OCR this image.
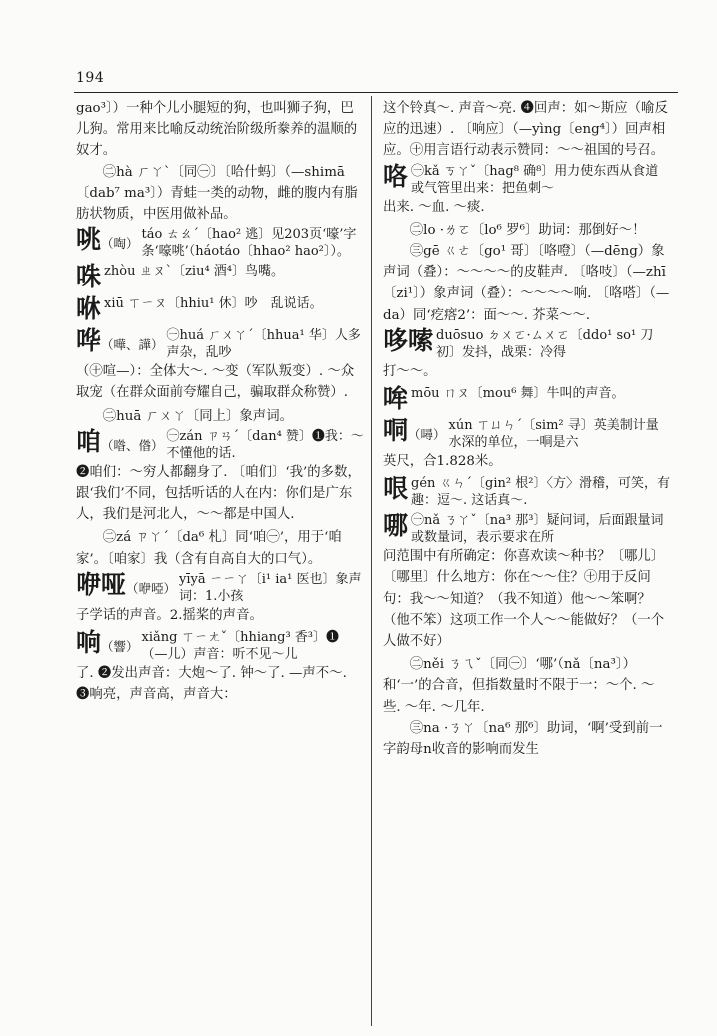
194
gao³〕）一种个儿小腿短的狗，也叫狮子狗，巴儿狗。常用来比喻反动统治阶级所豢养的温顺的奴才。
㊁hà ㄏㄚˋ〔同㊀〕〔哈什蚂〕（—shimā〔dab⁷ ma³〕）青蛙一类的动物，雌的腹内有脂肪状物质，中医用做补品。
咷（啕）
táo ㄊㄠˊ〔hao² 逃〕见203页‘嚎’字条‘嚎咷’（háotáo〔hhao² hao²〕）。
咮 zhòu ㄓㄡˋ〔ziu⁴ 酒⁴〕鸟嘴。
咻 xiū ㄒㄧㄡ〔hhiu¹ 休〕吵　乱说话。
哗（嘩、譁）
㊀huá ㄏㄨㄚˊ〔hhua¹ 华〕人多声杂，乱吵
（㊉喧—）：全体大～. ～变（军队叛变）. ～众取宠（在群众面前夸耀自己，骗取群众称赞）.
㊁huā ㄏㄨㄚ〔同上〕象声词。
咱（喒、偺）
㊀zán ㄗㄢˊ〔dan⁴ 赞〕❶我：～不懂他的话.
❷咱们：～穷人都翻身了. 〔咱们〕‘我’的多数，跟‘我们’不同，包括听话的人在内：你们是广东人，我们是河北人，～～都是中国人.
㊁zá ㄗㄚˊ〔da⁶ 札〕同‘咱㊀’，用于‘咱家’。〔咱家〕我（含有自高自大的口气）。
咿哑（咿啞）
yīyā ㄧㄧㄚ〔i¹ ia¹ 医也〕象声词：1.小孩
子学话的声音。2.摇桨的声音。
响（響）
xiǎng ㄒㄧㄤˇ〔hhiang³ 香³〕❶（—儿）声音：听不见～儿
了. ❷发出声音：大炮～了. 钟～了. —声不～. ❸响亮，声音高，声音大：
这个铃真～. 声音～亮. ❹回声：如～斯应（喻反应的迅速）. 〔响应〕（—yìng〔eng⁴〕）回声相应。㊉用言语行动表示赞同：～～祖国的号召。
咯 ㊀kǎ ㄎㄚˇ〔hag⁸ 确⁸〕用力使东西从食道或气管里出来：把鱼刺～
出来. ～血. ～痰.
㊁lo ·ㄌㄛ〔lo⁶ 罗⁶〕助词：那倒好～！
㊂gē ㄍㄜ〔go¹ 哥〕〔咯噔〕（—dēng）象声词（叠）：～～～～的皮鞋声. 〔咯吱〕（—zhī〔zi¹〕）象声词（叠）：～～～～响. 〔咯嗒〕（—da）同‘疙瘩2’：面～～. 芥菜～～.
哆嗦 duōsuo ㄉㄨㄛ·ㄙㄨㄛ〔ddo¹ so¹ 刀初〕发抖，战栗：冷得
打～～。
哞 mōu ㄇㄡ〔mou⁶ 舞〕牛叫的声音。
哃（噚）
xún ㄒㄩㄣˊ〔sim² 寻〕英美制计量水深的单位，一哃是六
英尺，合1.828米。
哏 gén ㄍㄣˊ〔gin² 根²〕〈方〉滑稽，可笑，有趣：逗～. 这话真～.
哪 ㊀nǎ ㄋㄚˇ〔na³ 那³〕疑问词，后面跟量词或数量词，表示要求在所
问范围中有所确定：你喜欢读～种书？〔哪儿〕〔哪里〕什么地方：你在～～住？㊉用于反问句：我～～知道？（我不知道）他～～笨啊？（他不笨）这项工作一个人～～能做好？（一个人做不好）
㊁něi ㄋㄟˇ〔同㊀〕‘哪’（nǎ〔na³〕）和‘一’的合音，但指数量时不限于一：～个. ～些. ～年. ～几年.
㊂na ·ㄋㄚ〔na⁶ 那⁶〕助词，‘啊’受到前一字韵母n收音的影响而发生
